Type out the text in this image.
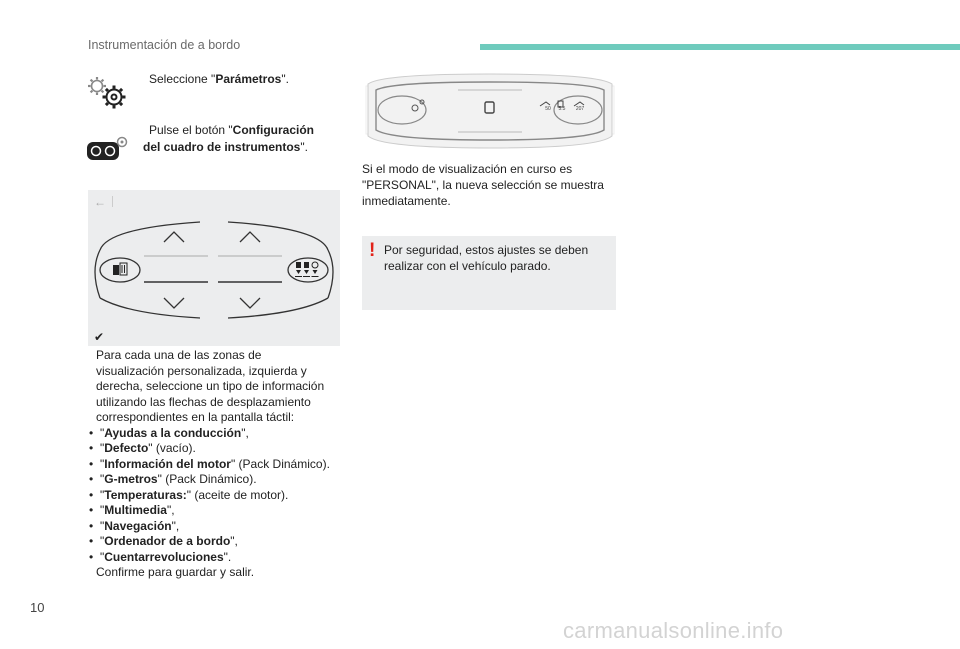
Instrumentación de a bordo
Seleccione "Parámetros".
Pulse el botón "Configuración del cuadro de instrumentos".
←
✔
Para cada una de las zonas de visualización personalizada, izquierda y derecha, seleccione un tipo de información utilizando las flechas de desplazamiento correspondientes en la pantalla táctil:
• "Ayudas a la conducción",
• "Defecto" (vacío).
• "Información del motor" (Pack Dinámico).
• "G-metros" (Pack Dinámico).
• "Temperaturas:" (aceite de motor).
• "Multimedia",
• "Navegación",
• "Ordenador de a bordo",
• "Cuentarrevoluciones".
Confirme para guardar y salir.
50	5.5	207
Si el modo de visualización en curso es "PERSONAL", la nueva selección se muestra inmediatamente.
! Por seguridad, estos ajustes se deben realizar con el vehículo parado.
10
carmanualsonline.info
